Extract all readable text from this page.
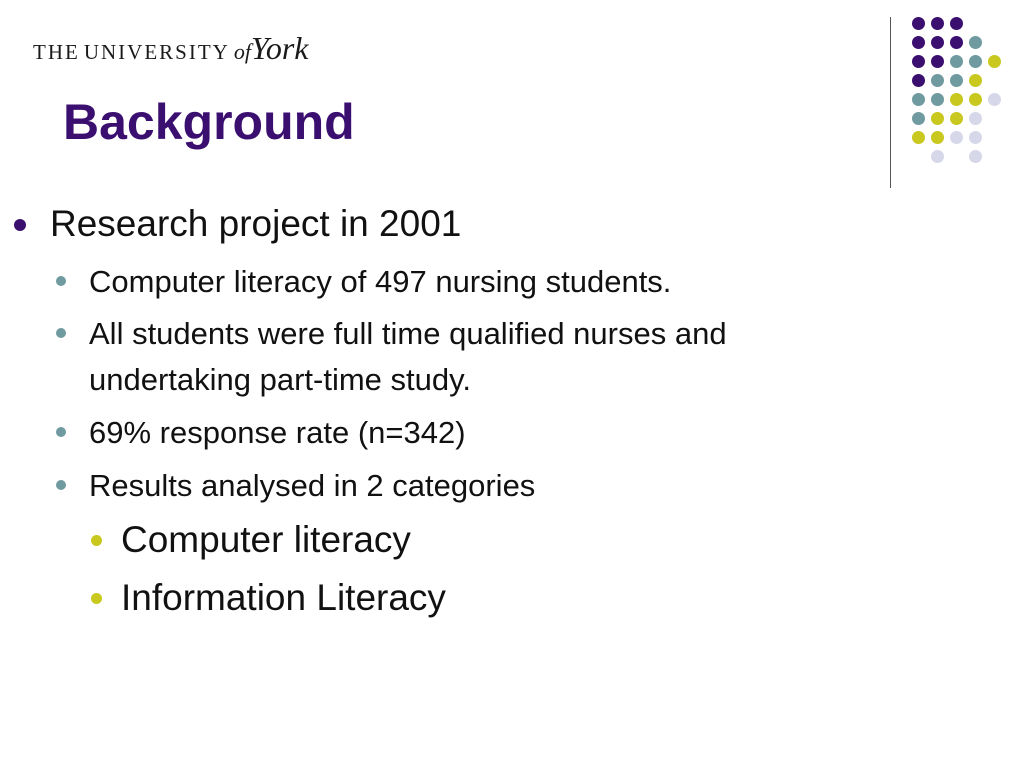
THE UNIVERSITY ofYork
Background
Research project in 2001
Computer literacy of 497 nursing students.
All students were full time qualified nurses and
undertaking part-time study.
69% response rate (n=342)
Results analysed in 2 categories
Computer literacy
Information Literacy
